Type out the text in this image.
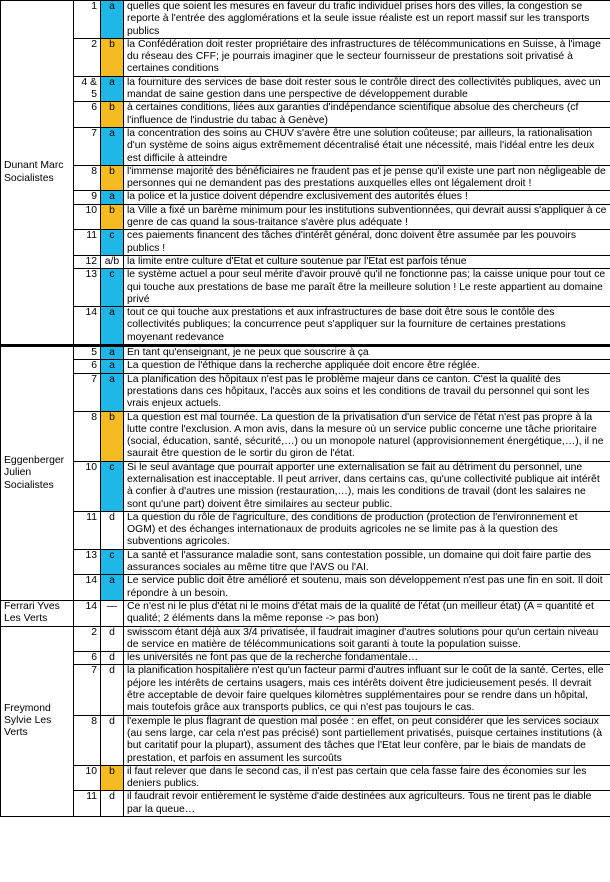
Dunant Marc Socialistes	1	a	quelles que soient les mesures en faveur du trafic individuel prises hors des villes, la congestion se reporte à l'entrée des agglomérations et la seule issue réaliste est un report massif sur les transports publics
	2	b	la Confédération doit rester propriétaire des infrastructures de télécommunications en Suisse, à l'image du réseau des CFF; je pourrais imaginer que le secteur fournisseur de prestations soit privatisé à certaines conditions
	4 & 5	a	la fourniture des services de base doit rester sous le contrôle direct des collectivités publiques, avec un mandat de saine gestion dans une perspective de développement durable
	6	b	à certaines conditions, liées aux garanties d'indépendance scientifique absolue des chercheurs (cf l'influence de l'industrie du tabac à Genève)
	7	a	la concentration des soins au CHUV s'avère être une solution coûteuse; par ailleurs, la rationalisation d'un système de soins aigus extrêmement décentralisé était une nécessité, mais l'idéal entre les deux est difficile à atteindre
	8	b	l'immense majorité des bénéficiaires ne fraudent pas et je pense qu'il existe une part non négligeable de personnes qui ne demandent pas des prestations auxquelles elles ont légalement droit !
	9	a	la police et la justice doivent dépendre exclusivement des autorités élues !
	10	b	la Ville a fixé un barème minimum pour les institutions subventionnées, qui devrait aussi s'appliquer à ce genre de cas quand la sous-traitance s'avère plus adéquate !
	11	c	ces paiements financent des tâches d'intérêt général, donc doivent être assumée par les pouvoirs publics !
	12	a/b	la limite entre culture d'Etat et culture soutenue par l'Etat est parfois ténue
	13	c	le système actuel a pour seul mérite d'avoir prouvé qu'il ne fonctionne pas; la caisse unique pour tout ce qui touche aux prestations de base me paraît être la meilleure solution ! Le reste appartient au domaine privé
	14	a	tout ce qui touche aux prestations et aux infrastructures de base doit être sous le contôle des collectivités publiques; la concurrence peut s'appliquer sur la fourniture de certaines prestations moyenant redevance
Eggenberger Julien Socialistes	5	a	En tant qu'enseignant, je ne peux que souscrire à ça
	6	a	La question de l'éthique dans la recherche appliquée doit encore être réglée.
	7	a	La planification des hôpitaux n'est pas le problème majeur dans ce canton. C'est la qualité des prestations dans ces hôpitaux, l'accès aux soins et les conditions de travail du personnel qui sont les vrais enjeux actuels.
	8	b	La question est mal tournée. La question de la privatisation d'un service de l'état n'est pas propre à la lutte contre l'exclusion. A mon avis, dans la mesure où un service public concerne une tâche prioritaire (social, éducation, santé, sécurité,…) ou un monopole naturel (approvisionnement énergétique,…), il ne saurait être question de le sortir du giron de l'état.
	10	c	Si le seul avantage que pourrait apporter une externalisation se fait au détriment du personnel, une externalisation est inacceptable. Il peut arriver, dans certains cas, qu'une collectivité publique ait intérêt à confier à d'autres une mission (restauration,…), mais les conditions de travail (dont les salaires ne sont qu'une part) doivent être similaires au secteur public.
	11	d	La question du rôle de l'agriculture, des conditions de production (protection de l'environnement et OGM) et des échanges internationaux de produits agricoles ne se limite pas à la question des subventions agricoles.
	13	c	La santé et l'assurance maladie sont, sans contestation possible, un domaine qui doit faire partie des assurances sociales au même titre que l'AVS ou l'AI.
	14	a	Le service public doit être amélioré et soutenu, mais son développement n'est pas une fin en soit. Il doit répondre à un besoin.
Ferrari Yves Les Verts	14	—	Ce n'est ni le plus d'état ni le moins d'état mais de la qualité de l'état (un meilleur état) (A = quantité et qualité; 2 éléments dans la même reponse -> pas bon)
Freymond Sylvie Les Verts	2	d	swisscom étant déjà aux 3/4 privatisée, il faudrait imaginer d'autres solutions pour qu'un certain niveau de service en matière de télécommunications soit garanti à toute la population suisse.
	6	d	les universités ne font pas que de la recherche fondamentale…
	7	d	la planification hospitalière n'est qu'un facteur parmi d'autres influant sur le coût de la santé. Certes, elle péjore les intérêts de certains usagers, mais ces intérêts doivent être judicieusement pesés. Il devrait être acceptable de devoir faire quelques kilomètres supplémentaires pour se rendre dans un hôpital, mais toutefois grâce aux transports publics, ce qui n'est pas toujours le cas.
	8	d	l'exemple le plus flagrant de question mal posée : en effet, on peut considérer que les services sociaux (au sens large, car cela n'est pas précisé) sont partiellement privatisés, puisque certaines institutions (à but caritatif pour la plupart), assument des tâches que l'Etat leur confère, par le biais de mandats de prestation, et parfois en assument les surcoûts
	10	b	il faut relever que dans le second cas, il n'est pas certain que cela fasse faire des économies sur les deniers publics.
	11	d	il faudrait revoir entièrement le système d'aide destinées aux agriculteurs. Tous ne tirent pas le diable par la queue…
